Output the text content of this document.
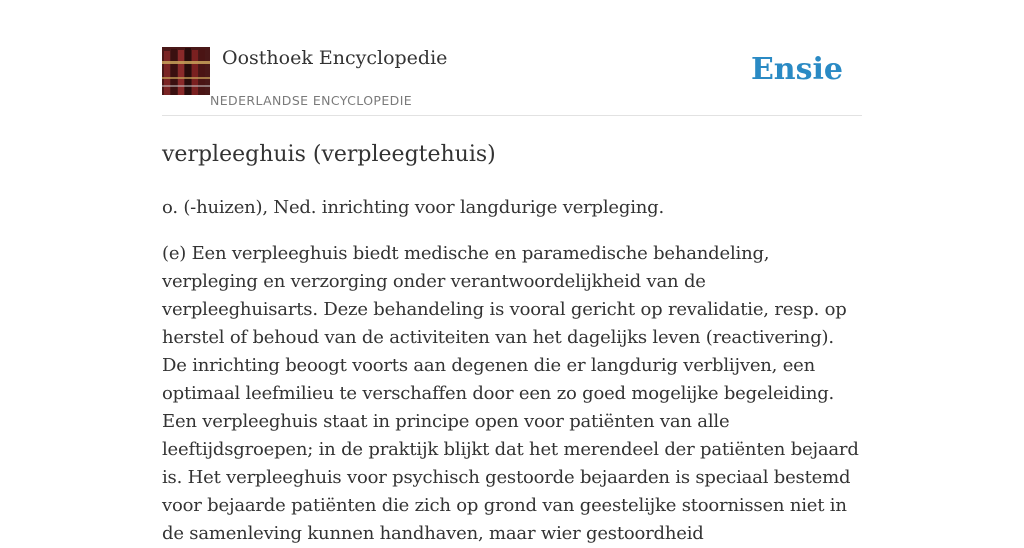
Oosthoek Encyclopedie
NEDERLANDSE ENCYCLOPEDIE
Ensie
verpleeghuis (verpleegtehuis)

o. (-huizen), Ned. inrichting voor langdurige verpleging.

(e) Een verpleeghuis biedt medische en paramedische behandeling, verpleging en verzorging onder verantwoordelijkheid van de verpleeghuisarts. Deze behandeling is vooral gericht op revalidatie, resp. op herstel of behoud van de activiteiten van het dagelijks leven (reactivering). De inrichting beoogt voorts aan degenen die er langdurig verblijven, een optimaal leefmilieu te verschaffen door een zo goed mogelijke begeleiding. Een verpleeghuis staat in principe open voor patiënten van alle leeftijdsgroepen; in de praktijk blijkt dat het merendeel der patiënten bejaard is. Het verpleeghuis voor psychisch gestoorde bejaarden is speciaal bestemd voor bejaarde patiënten die zich op grond van geestelijke stoornissen niet in de samenleving kunnen handhaven, maar wier gestoordheid
